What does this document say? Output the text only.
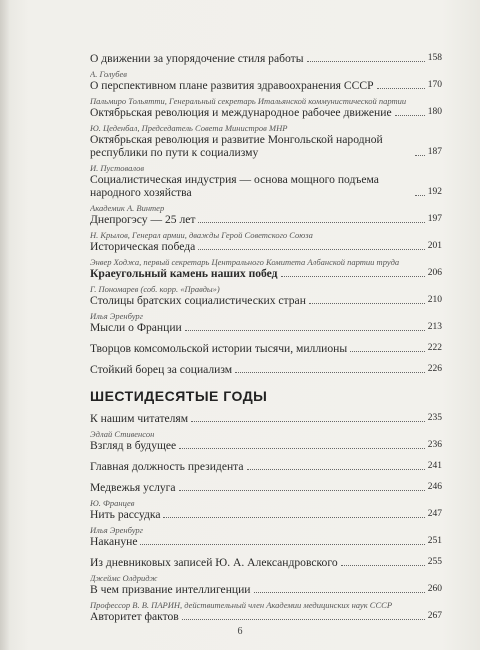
О движении за упорядочение стиля работы	158
А. Голубев
О перспективном плане развития здравоохранения СССР	170
Пальмиро Тольятти, Генеральный секретарь Итальянской коммунистической партии
Октябрьская революция и международное рабочее движение	180
Ю. Цеденбал, Председатель Совета Министров МНР
Октябрьская революция и развитие Монгольской народной республики по пути к социализму	187
И. Пустовалов
Социалистическая индустрия — основа мощного подъема народного хозяйства	192
Академик А. Винтер
Днепрогэсу — 25 лет	197
Н. Крылов, Генерал армии, дважды Герой Советского Союза
Историческая победа	201
Энвер Ходжа, первый секретарь Центрального Комитета Албанской партии труда
Краеугольный камень наших побед	206
Г. Пономарев (соб. корр. «Правды»)
Столицы братских социалистических стран	210
Илья Эренбург
Мысли о Франции	213
Творцов комсомольской истории тысячи, миллионы	222
Стойкий борец за социализм	226
ШЕСТИДЕСЯТЫЕ ГОДЫ
К нашим читателям	235
Эдлай Стивенсон
Взгляд в будущее	236
Главная должность президента	241
Медвежья услуга	246
Ю. Францев
Нить рассудка	247
Илья Эренбург
Накануне	251
Из дневниковых записей Ю. А. Александровского	255
Джеймс Олдридж
В чем призвание интеллигенции	260
Профессор В. В. ПАРИН, действительный член Академии медицинских наук СССР
Авторитет фактов	267
6
